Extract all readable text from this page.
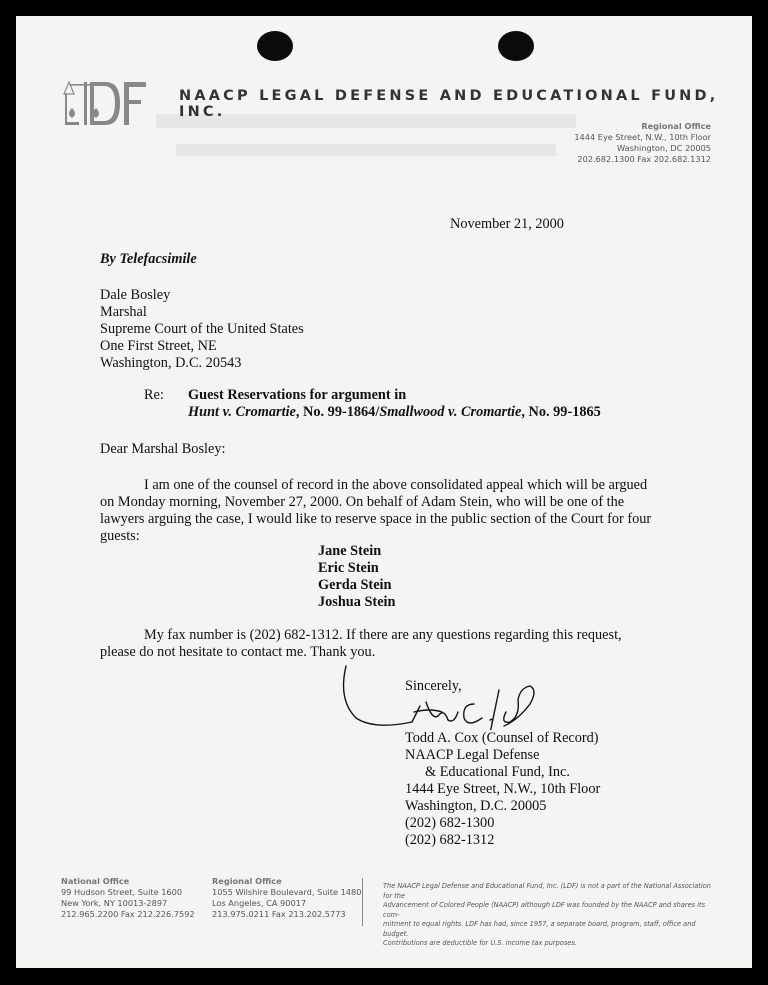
NAACP LEGAL DEFENSE AND EDUCATIONAL FUND, INC.
Regional Office
1444 Eye Street, N.W., 10th Floor
Washington, DC 20005
202.682.1300 Fax 202.682.1312
November 21, 2000
By Telefacsimile
Dale Bosley
Marshal
Supreme Court of the United States
One First Street, NE
Washington, D.C. 20543
Re: Guest Reservations for argument in
Hunt v. Cromartie, No. 99-1864/Smallwood v. Cromartie, No. 99-1865
Dear Marshal Bosley:
I am one of the counsel of record in the above consolidated appeal which will be argued
on Monday morning, November 27, 2000. On behalf of Adam Stein, who will be one of the
lawyers arguing the case, I would like to reserve space in the public section of the Court for four
guests:
Jane Stein
Eric Stein
Gerda Stein
Joshua Stein
My fax number is (202) 682-1312. If there are any questions regarding this request,
please do not hesitate to contact me. Thank you.
Sincerely,
Todd A. Cox (Counsel of Record)
NAACP Legal Defense
& Educational Fund, Inc.
1444 Eye Street, N.W., 10th Floor
Washington, D.C. 20005
(202) 682-1300
(202) 682-1312
National Office
99 Hudson Street, Suite 1600
New York, NY 10013-2897
212.965.2200 Fax 212.226.7592
Regional Office
1055 Wilshire Boulevard, Suite 1480
Los Angeles, CA 90017
213.975.0211 Fax 213.202.5773
The NAACP Legal Defense and Educational Fund, Inc. (LDF) is not a part of the National Association for the
Advancement of Colored People (NAACP) although LDF was founded by the NAACP and shares its com-
mitment to equal rights. LDF has had, since 1957, a separate board, program, staff, office and budget.
Contributions are deductible for U.S. income tax purposes.
